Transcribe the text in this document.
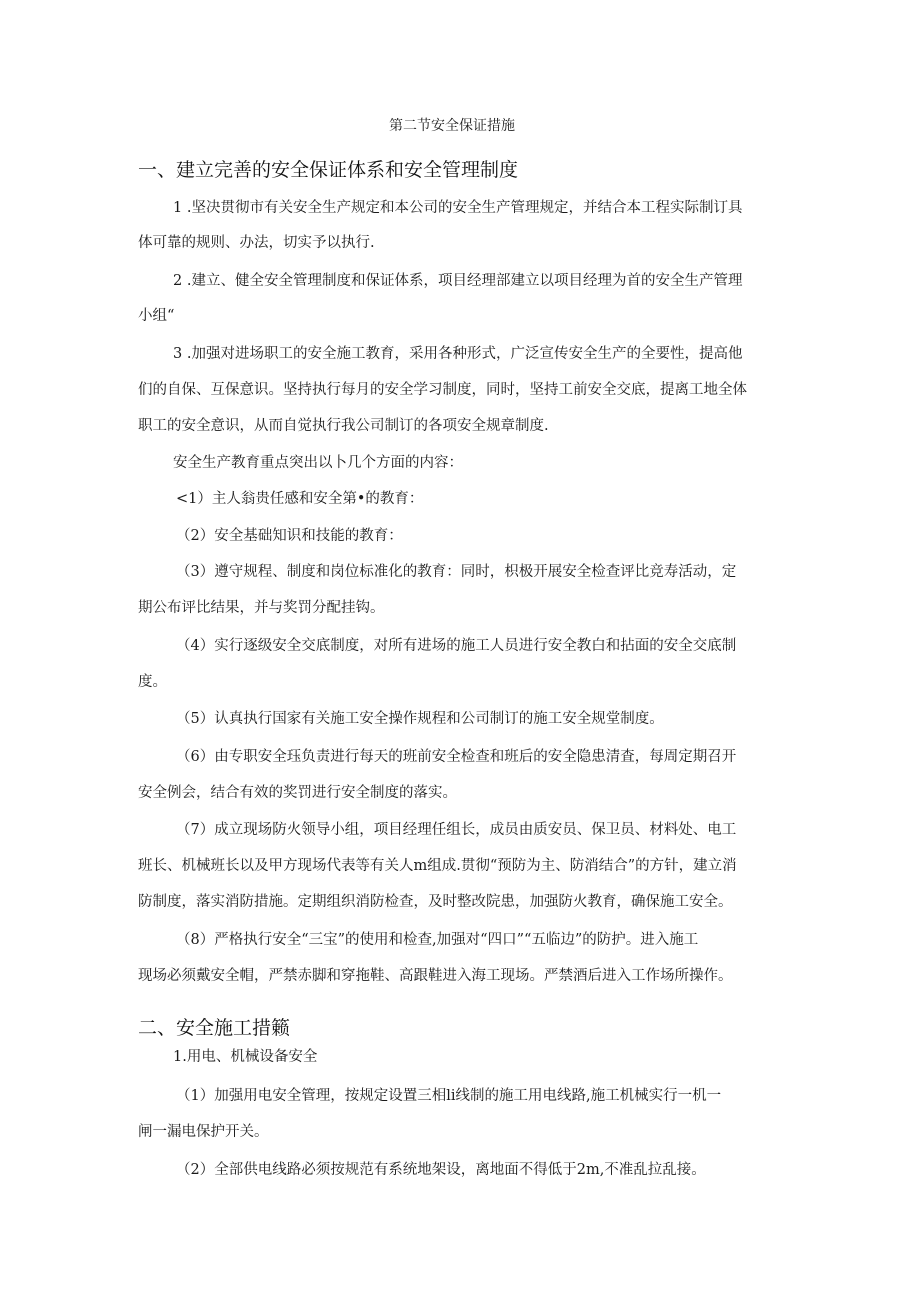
第二节安全保证措施
一、建立完善的安全保证体系和安全管理制度
1 .坚决贯彻市有关安全生产规定和本公司的安全生产管理规定，并结合本工程实际制订具
体可靠的规则、办法，切实予以执行.
2 .建立、健全安全管理制度和保证体系，项目经理部建立以项目经理为首的安全生产管理
小组“
3 .加强对进场职工的安全施工教育，采用各种形式，广泛宣传安全生产的全要性，提高他
们的自保、互保意识。坚持执行每月的安全学习制度，同时，坚持工前安全交底，提离工地全体
职工的安全意识，从而自觉执行我公司制订的各项安全规章制度.
安全生产教育重点突出以卜几个方面的内容：
<1）主人翁贵任感和安全第•的教育：
（2）安全基础知识和技能的教育：
（3）遵守规程、制度和岗位标准化的教育：同时，枳极开展安全检查评比竞寿活动，定
期公布评比结果，并与奖罚分配挂钩。
（4）实行逐级安全交底制度，对所有进场的施工人员进行安全教白和拈面的安全交底制
度。
（5）认真执行国家有关施工安全操作规程和公司制订的施工安全规堂制度。
（6）由专职安全珏负责进行每天的班前安全检查和班后的安全隐患清査，每周定期召开
安全例会，结合有效的奖罚进行安全制度的落实。
（7）成立现场防火领导小组，项目经理任组长，成员由质安员、保卫员、材料处、电工
班长、机械班长以及甲方现场代表等有关人m组成.贯彻“预防为主、防消结合”的方针，建立消
防制度，落实消防措施。定期组织消防检查，及时整改院患，加强防火教育，确保施工安全。
（8）严格执行安全“三宝”的使用和检查,加强对“四口”“五临边”的防护。进入施工
现场必须戴安全帽，严禁赤脚和穿拖鞋、高跟鞋进入海工现场。严禁酒后进入工作场所操作。
二、安全施工措籁
1.用电、机械设备安全
（1）加强用电安全管理，按规定设置三相li线制的施工用电线路,施工机械实行一机一
闸一漏电保护开关。
（2）全部供电线路必须按规范有系统地架设，离地面不得低于2m,不准乱拉乱接。
